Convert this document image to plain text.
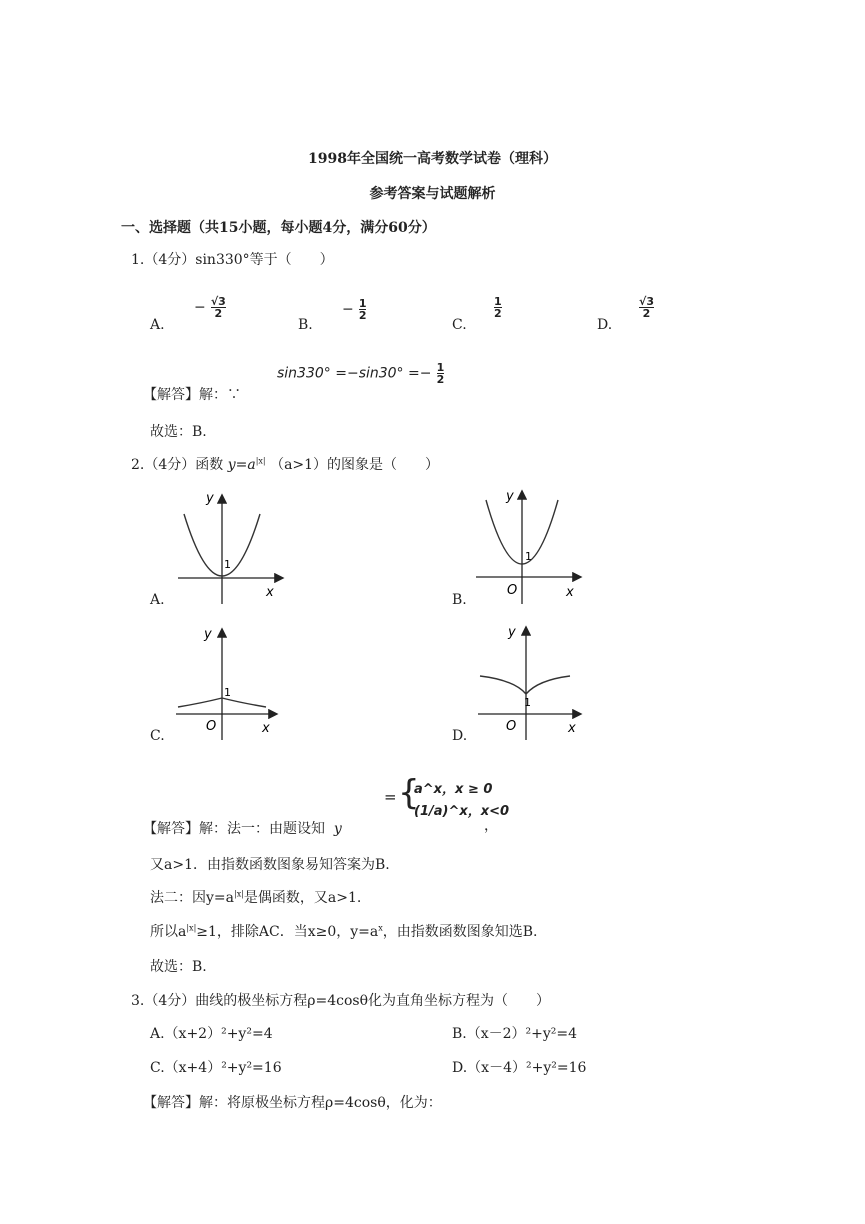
1998年全国统一高考数学试卷（理科）
参考答案与试题解析
一、选择题（共15小题，每小题4分，满分60分）
1.（4分）sin330°等于（　　）
A.
− $\frac{√3}{2}$
B.
− $\frac{1}{2}$
C.
$\frac{1}{2}$
D.
$\frac{√3}{2}$
【解答】解：∵
$\sin 330^\circ =-\sin 30^\circ =- \frac{1}{2}$
故选：B.
2.（4分）函数 $y=a^{|x|}$ （a>1）的图象是（　　）
A.
y
x
1
B.
y
O	x
1
C.
y
O	x
1
D.
y
O	x
1
【解答】解：法一：由题设知 y
= {
a^x，x ≥ 0
(1/a)^x，x<0
，
又a>1．由指数函数图象易知答案为B.
法二：因$y=a^{|x|}$是偶函数，又a>1.
所以$a^{|x|}\ge 1$，排除AC．当x≥0，$y=a^x$，由指数函数图象知选B.
故选：B.
3.（4分）曲线的极坐标方程ρ=4cosθ化为直角坐标方程为（　　）
A.（x+2）²+y²=4	B.（x－2）²+y²=4
C.（x+4）²+y²=16	D.（x－4）²+y²=16
【解答】解：将原极坐标方程ρ=4cosθ，化为：
